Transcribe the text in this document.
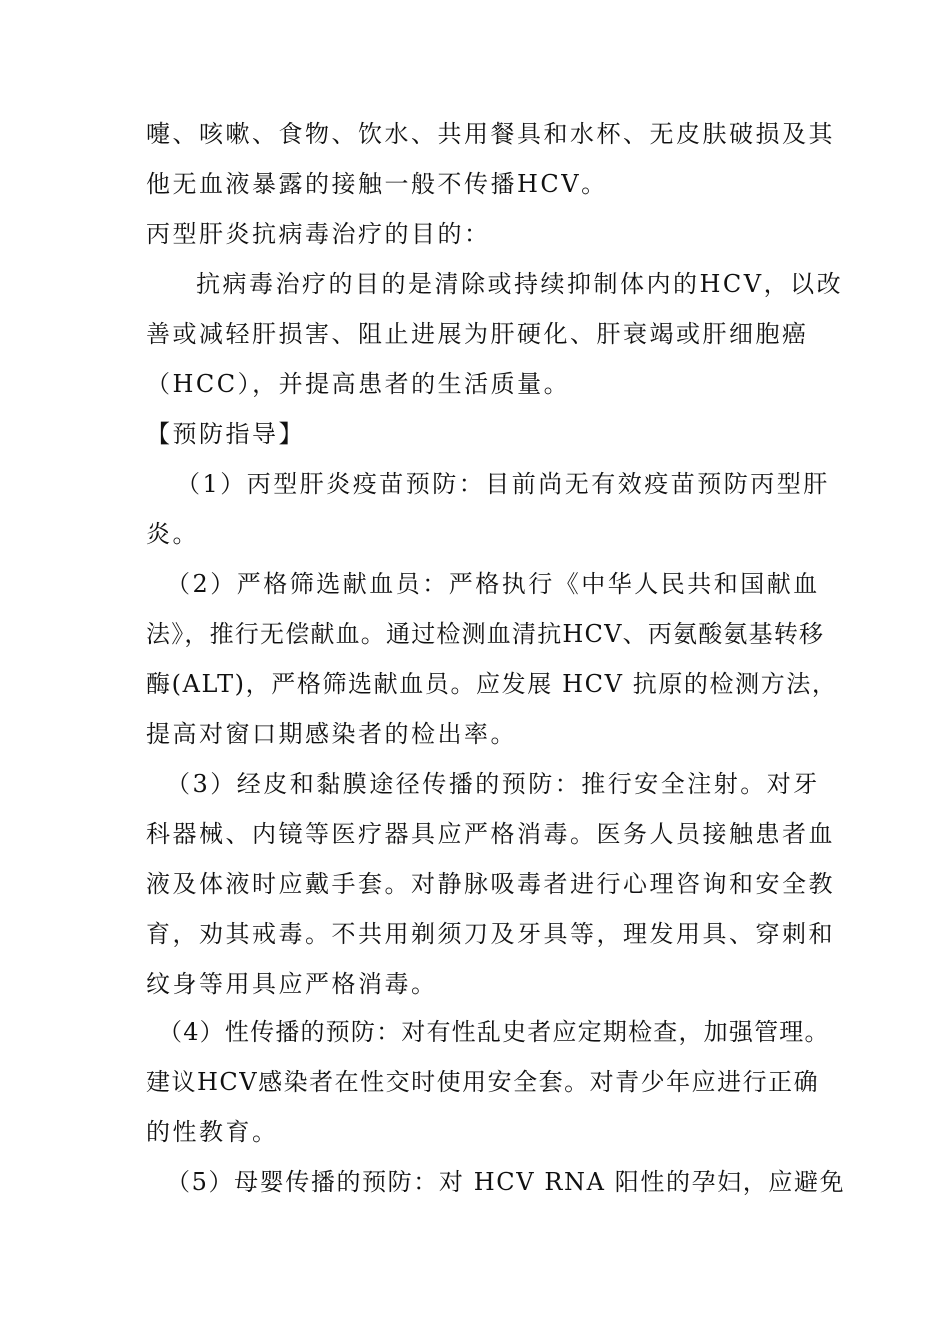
嚏、咳嗽、食物、饮水、共用餐具和水杯、无皮肤破损及其
他无血液暴露的接触一般不传播HCV。
丙型肝炎抗病毒治疗的目的：
抗病毒治疗的目的是清除或持续抑制体内的HCV，以改
善或减轻肝损害、阻止进展为肝硬化、肝衰竭或肝细胞癌
（HCC），并提高患者的生活质量。
【预防指导】
（1）丙型肝炎疫苗预防：目前尚无有效疫苗预防丙型肝
炎。
（2）严格筛选献血员：严格执行《中华人民共和国献血
法》，推行无偿献血。通过检测血清抗HCV、丙氨酸氨基转移
酶(ALT)，严格筛选献血员。应发展 HCV 抗原的检测方法，
提高对窗口期感染者的检出率。
（3）经皮和黏膜途径传播的预防：推行安全注射。对牙
科器械、内镜等医疗器具应严格消毒。医务人员接触患者血
液及体液时应戴手套。对静脉吸毒者进行心理咨询和安全教
育，劝其戒毒。不共用剃须刀及牙具等，理发用具、穿刺和
纹身等用具应严格消毒。
（4）性传播的预防：对有性乱史者应定期检查，加强管理。
建议HCV感染者在性交时使用安全套。对青少年应进行正确
的性教育。
（5）母婴传播的预防：对 HCV RNA 阳性的孕妇，应避免
